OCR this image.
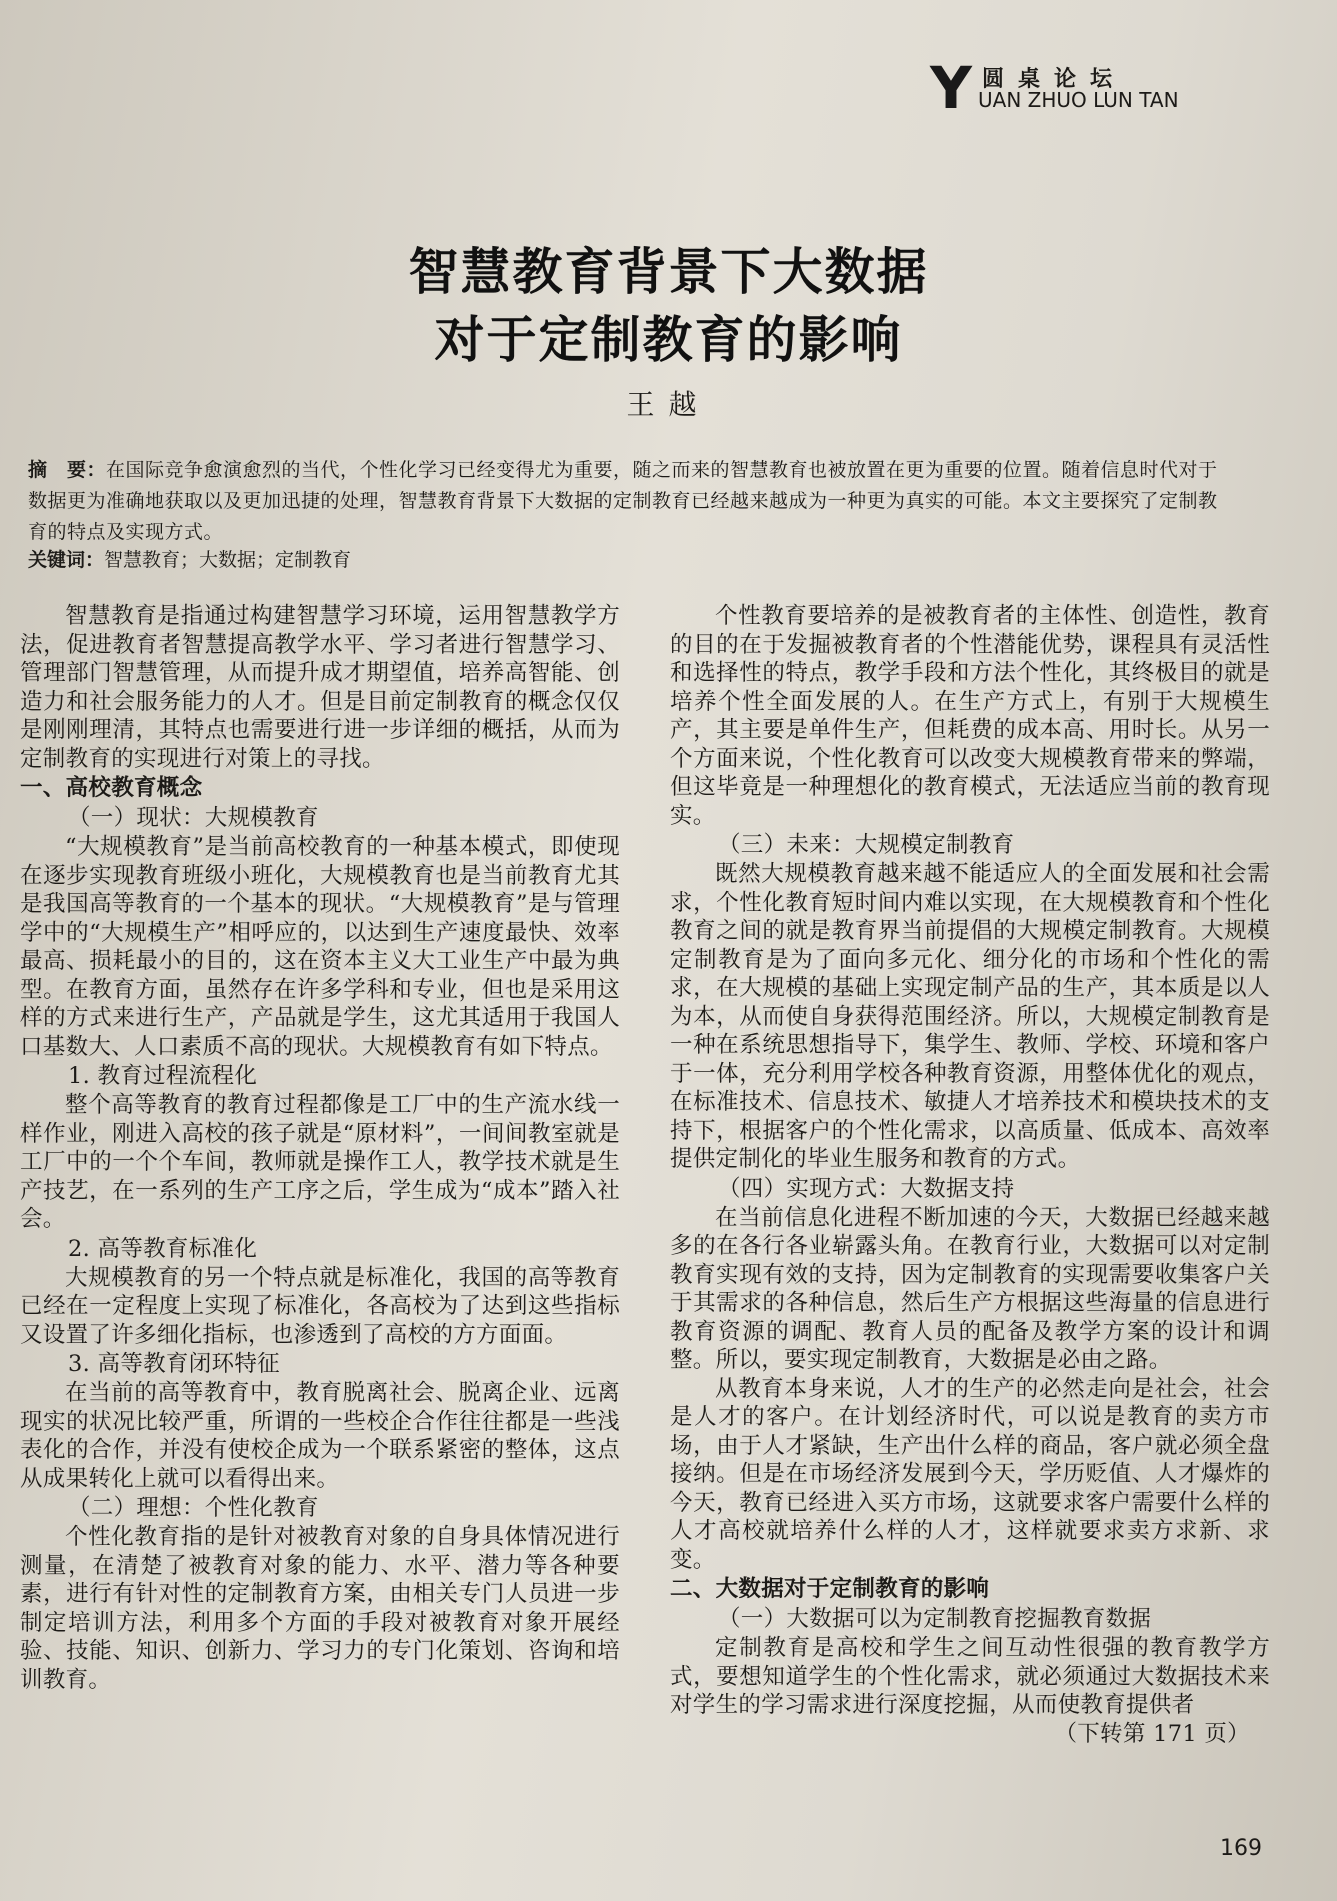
Y 圆桌论坛
UAN ZHUO LUN TAN
智慧教育背景下大数据
对于定制教育的影响
王越
摘　要：在国际竞争愈演愈烈的当代，个性化学习已经变得尤为重要，随之而来的智慧教育也被放置在更为重要的位置。随着信息时代对于数据更为准确地获取以及更加迅捷的处理，智慧教育背景下大数据的定制教育已经越来越成为一种更为真实的可能。本文主要探究了定制教育的特点及实现方式。
关键词：智慧教育；大数据；定制教育

智慧教育是指通过构建智慧学习环境，运用智慧教学方法，促进教育者智慧提高教学水平、学习者进行智慧学习、管理部门智慧管理，从而提升成才期望值，培养高智能、创造力和社会服务能力的人才。但是目前定制教育的概念仅仅是刚刚理清，其特点也需要进行进一步详细的概括，从而为定制教育的实现进行对策上的寻找。

一、高校教育概念
（一）现状：大规模教育

“大规模教育”是当前高校教育的一种基本模式，即使现在逐步实现教育班级小班化，大规模教育也是当前教育尤其是我国高等教育的一个基本的现状。“大规模教育”是与管理学中的“大规模生产”相呼应的，以达到生产速度最快、效率最高、损耗最小的目的，这在资本主义大工业生产中最为典型。在教育方面，虽然存在许多学科和专业，但也是采用这样的方式来进行生产，产品就是学生，这尤其适用于我国人口基数大、人口素质不高的现状。大规模教育有如下特点。

1. 教育过程流程化

整个高等教育的教育过程都像是工厂中的生产流水线一样作业，刚进入高校的孩子就是“原材料”，一间间教室就是工厂中的一个个车间，教师就是操作工人，教学技术就是生产技艺，在一系列的生产工序之后，学生成为“成本”踏入社会。

2. 高等教育标准化

大规模教育的另一个特点就是标准化，我国的高等教育已经在一定程度上实现了标准化，各高校为了达到这些指标又设置了许多细化指标，也渗透到了高校的方方面面。

3. 高等教育闭环特征

在当前的高等教育中，教育脱离社会、脱离企业、远离现实的状况比较严重，所谓的一些校企合作往往都是一些浅表化的合作，并没有使校企成为一个联系紧密的整体，这点从成果转化上就可以看得出来。

（二）理想：个性化教育

个性化教育指的是针对被教育对象的自身具体情况进行测量，在清楚了被教育对象的能力、水平、潜力等各种要素，进行有针对性的定制教育方案，由相关专门人员进一步制定培训方法，利用多个方面的手段对被教育对象开展经验、技能、知识、创新力、学习力的专门化策划、咨询和培训教育。

个性教育要培养的是被教育者的主体性、创造性，教育的目的在于发掘被教育者的个性潜能优势，课程具有灵活性和选择性的特点，教学手段和方法个性化，其终极目的就是培养个性全面发展的人。在生产方式上，有别于大规模生产，其主要是单件生产，但耗费的成本高、用时长。从另一个方面来说，个性化教育可以改变大规模教育带来的弊端，但这毕竟是一种理想化的教育模式，无法适应当前的教育现实。

（三）未来：大规模定制教育

既然大规模教育越来越不能适应人的全面发展和社会需求，个性化教育短时间内难以实现，在大规模教育和个性化教育之间的就是教育界当前提倡的大规模定制教育。大规模定制教育是为了面向多元化、细分化的市场和个性化的需求，在大规模的基础上实现定制产品的生产，其本质是以人为本，从而使自身获得范围经济。所以，大规模定制教育是一种在系统思想指导下，集学生、教师、学校、环境和客户于一体，充分利用学校各种教育资源，用整体优化的观点，在标准技术、信息技术、敏捷人才培养技术和模块技术的支持下，根据客户的个性化需求，以高质量、低成本、高效率提供定制化的毕业生服务和教育的方式。

（四）实现方式：大数据支持

在当前信息化进程不断加速的今天，大数据已经越来越多的在各行各业崭露头角。在教育行业，大数据可以对定制教育实现有效的支持，因为定制教育的实现需要收集客户关于其需求的各种信息，然后生产方根据这些海量的信息进行教育资源的调配、教育人员的配备及教学方案的设计和调整。所以，要实现定制教育，大数据是必由之路。

从教育本身来说，人才的生产的必然走向是社会，社会是人才的客户。在计划经济时代，可以说是教育的卖方市场，由于人才紧缺，生产出什么样的商品，客户就必须全盘接纳。但是在市场经济发展到今天，学历贬值、人才爆炸的今天，教育已经进入买方市场，这就要求客户需要什么样的人才高校就培养什么样的人才，这样就要求卖方求新、求变。

二、大数据对于定制教育的影响
（一）大数据可以为定制教育挖掘教育数据

定制教育是高校和学生之间互动性很强的教育教学方式，要想知道学生的个性化需求，就必须通过大数据技术来对学生的学习需求进行深度挖掘，从而使教育提供者

（下转第 171 页）
169
